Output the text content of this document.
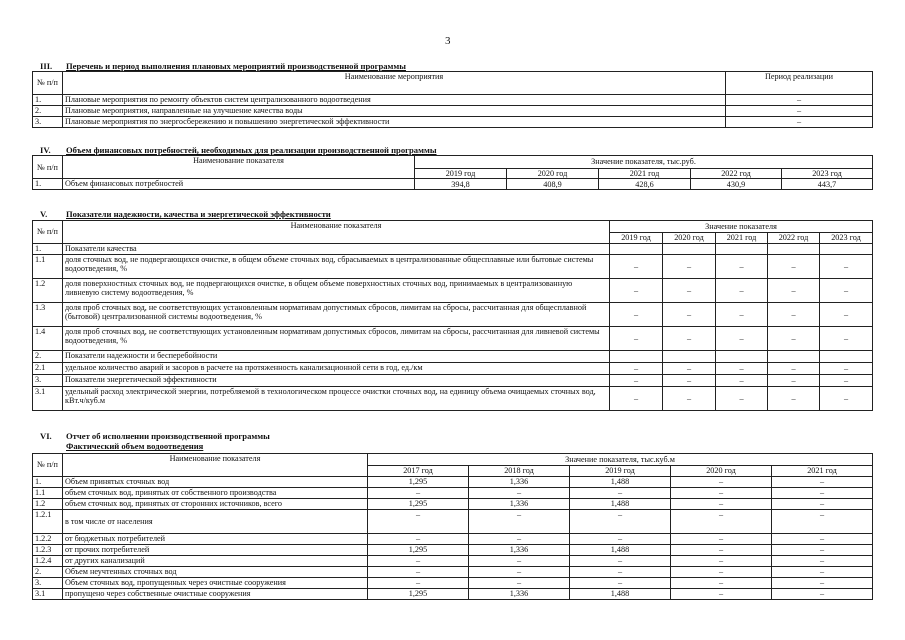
3
III. Перечень и период выполнения плановых мероприятий производственной программы
№ п/п	Наименование мероприятия	Период реализации
1.	Плановые мероприятия по ремонту объектов систем централизованного водоотведения	–
2.	Плановые мероприятия, направленные на улучшение качества воды	–
3.	Плановые мероприятия по энергосбережению и повышению энергетической эффективности	–
IV. Объем финансовых потребностей, необходимых для реализации производственной программы
№ п/п	Наименование показателя	Значение показателя, тыс.руб.				
		2019 год	2020 год	2021 год	2022 год	2023 год
1.	Объем финансовых потребностей	394,8	408,9	428,6	430,9	443,7
V. Показатели надежности, качества и энергетической эффективности
№ п/п	Наименование показателя	Значение показателя				
		2019 год	2020 год	2021 год	2022 год	2023 год
1.	Показатели качества					
1.1	доля сточных вод, не подвергающихся очистке, в общем объеме сточных вод, сбрасываемых в централизованные общесплавные или бытовые системы водоотведения, %	–	–	–	–	–
1.2	доля поверхностных сточных вод, не подвергающихся очистке, в общем объеме поверхностных сточных вод, принимаемых в централизованную ливневую систему водоотведения, %	–	–	–	–	–
1.3	доля проб сточных вод, не соответствующих установленным нормативам допустимых сбросов, лимитам на сбросы, рассчитанная для общесплавной (бытовой) централизованной системы водоотведения, %	–	–	–	–	–
1.4	доля проб сточных вод, не соответствующих установленным нормативам допустимых сбросов, лимитам на сбросы, рассчитанная для ливневой системы водоотведения, %	–	–	–	–	–
2.	Показатели надежности и бесперебойности					
2.1	удельное количество аварий и засоров в расчете на протяженность канализационной сети в год, ед./км	–	–	–	–	–
3.	Показатели энергетической эффективности	–	–	–	–	–
3.1	удельный расход электрической энергии, потребляемой в технологическом процессе очистки сточных вод, на единицу объема очищаемых сточных вод, кВт.ч/куб.м	–	–	–	–	–
VI. Отчет об исполнении производственной программы
Фактический объем водоотведения
№ п/п	Наименование показателя	Значение показателя, тыс.куб.м				
		2017 год	2018 год	2019 год	2020 год	2021 год
1.	Объем принятых сточных вод	1,295	1,336	1,488	–	–
1.1	объем сточных вод, принятых от собственного производства	–	–	–	–	–
1.2	объем сточных вод, принятых от сторонних источников, всего	1,295	1,336	1,488	–	–
1.2.1	в том числе от населения	–	–	–	–	–
1.2.2	от бюджетных потребителей	–	–	–	–	–
1.2.3	от прочих потребителей	1,295	1,336	1,488	–	–
1.2.4	от других канализаций	–	–	–	–	–
2.	Объем неучтенных сточных вод	–	–	–	–	–
3.	Объем сточных вод, пропущенных через очистные сооружения	–	–	–	–	–
3.1	пропущено через собственные очистные сооружения	1,295	1,336	1,488	–	–
